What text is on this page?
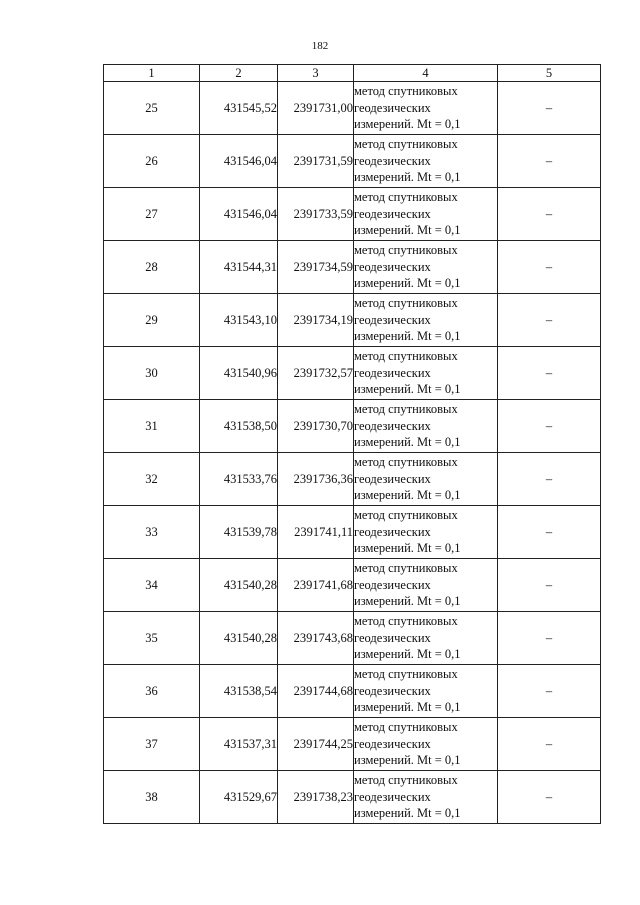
182
1	2	3	4	5
25	431545,52	2391731,00	метод спутниковых
геодезических
измерений. Mt = 0,1	–
26	431546,04	2391731,59	метод спутниковых
геодезических
измерений. Mt = 0,1	–
27	431546,04	2391733,59	метод спутниковых
геодезических
измерений. Mt = 0,1	–
28	431544,31	2391734,59	метод спутниковых
геодезических
измерений. Mt = 0,1	–
29	431543,10	2391734,19	метод спутниковых
геодезических
измерений. Mt = 0,1	–
30	431540,96	2391732,57	метод спутниковых
геодезических
измерений. Mt = 0,1	–
31	431538,50	2391730,70	метод спутниковых
геодезических
измерений. Mt = 0,1	–
32	431533,76	2391736,36	метод спутниковых
геодезических
измерений. Mt = 0,1	–
33	431539,78	2391741,11	метод спутниковых
геодезических
измерений. Mt = 0,1	–
34	431540,28	2391741,68	метод спутниковых
геодезических
измерений. Mt = 0,1	–
35	431540,28	2391743,68	метод спутниковых
геодезических
измерений. Mt = 0,1	–
36	431538,54	2391744,68	метод спутниковых
геодезических
измерений. Mt = 0,1	–
37	431537,31	2391744,25	метод спутниковых
геодезических
измерений. Mt = 0,1	–
38	431529,67	2391738,23	метод спутниковых
геодезических
измерений. Mt = 0,1	–
